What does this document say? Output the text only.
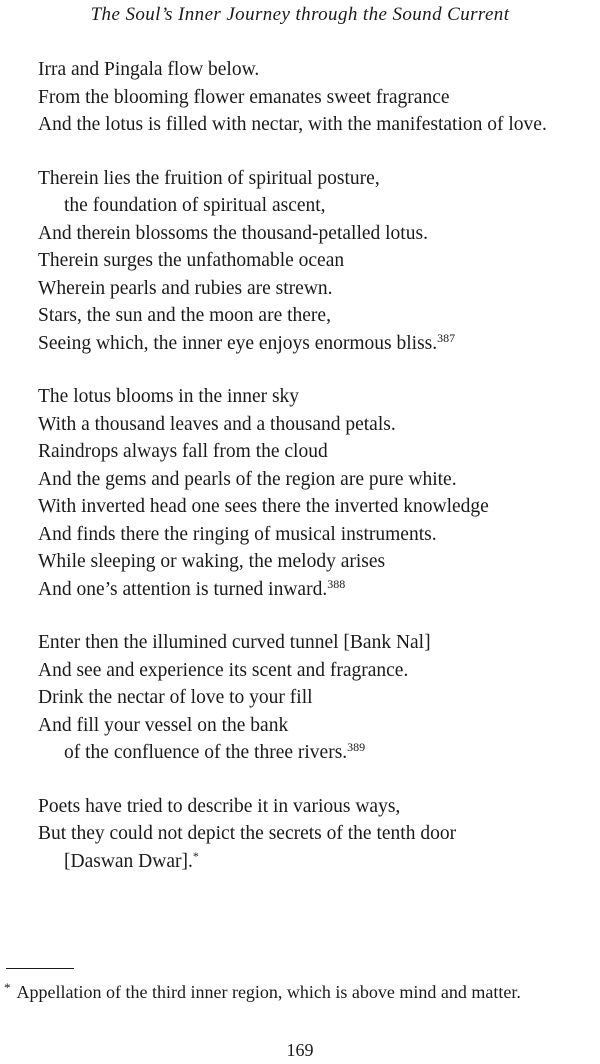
The Soul’s Inner Journey through the Sound Current
Irra and Pingala flow below.
From the blooming flower emanates sweet fragrance
And the lotus is filled with nectar, with the manifestation of love.
Therein lies the fruition of spiritual posture,
the foundation of spiritual ascent,
And therein blossoms the thousand-petalled lotus.
Therein surges the unfathomable ocean
Wherein pearls and rubies are strewn.
Stars, the sun and the moon are there,
Seeing which, the inner eye enjoys enormous bliss.$^{387}$
The lotus blooms in the inner sky
With a thousand leaves and a thousand petals.
Raindrops always fall from the cloud
And the gems and pearls of the region are pure white.
With inverted head one sees there the inverted knowledge
And finds there the ringing of musical instruments.
While sleeping or waking, the melody arises
And one’s attention is turned inward.$^{388}$
Enter then the illumined curved tunnel [Bank Nal]
And see and experience its scent and fragrance.
Drink the nectar of love to your fill
And fill your vessel on the bank
of the confluence of the three rivers.$^{389}$
Poets have tried to describe it in various ways,
But they could not depict the secrets of the tenth door
[Daswan Dwar].*
* Appellation of the third inner region, which is above mind and matter.
169
